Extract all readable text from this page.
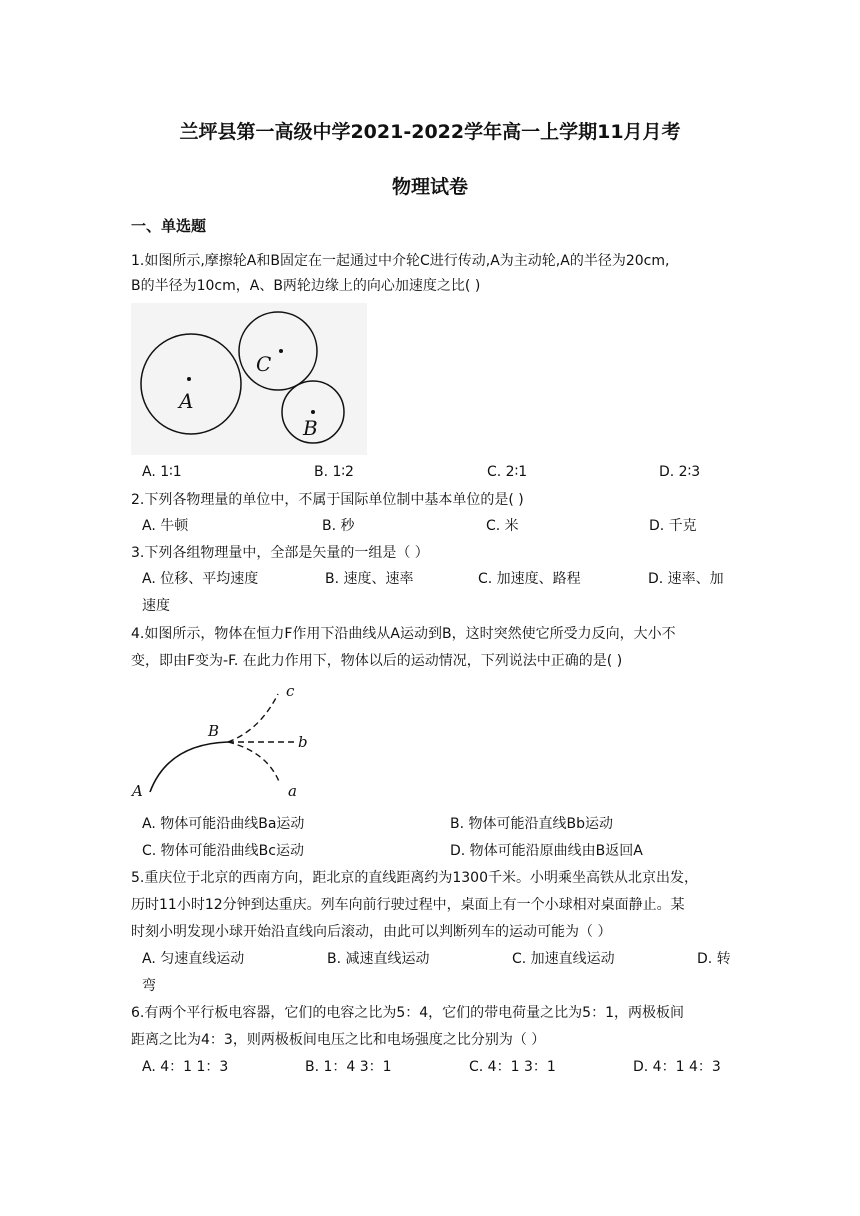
兰坪县第一高级中学2021-2022学年高一上学期11月月考
物理试卷
一、单选题
1.如图所示,摩擦轮A和B固定在一起通过中介轮C进行传动,A为主动轮,A的半径为20cm,
B的半径为10cm，A、B两轮边缘上的向心加速度之比( )
A
C
B
A. 1∶1	B. 1∶2	C. 2∶1	D. 2∶3
2.下列各物理量的单位中，不属于国际单位制中基本单位的是( )
A. 牛顿	B. 秒	C. 米	D. 千克
3.下列各组物理量中，全部是矢量的一组是（ ）
A. 位移、平均速度	B. 速度、速率	C. 加速度、路程	D. 速率、加
速度
4.如图所示，物体在恒力F作用下沿曲线从A运动到B，这时突然使它所受力反向，大小不
变，即由F变为-F. 在此力作用下，物体以后的运动情况，下列说法中正确的是( )
A
B
c
b
a
A. 物体可能沿曲线Ba运动	B. 物体可能沿直线Bb运动
C. 物体可能沿曲线Bc运动	D. 物体可能沿原曲线由B返回A
5.重庆位于北京的西南方向，距北京的直线距离约为1300千米。小明乘坐高铁从北京出发，
历时11小时12分钟到达重庆。列车向前行驶过程中，桌面上有一个小球相对桌面静止。某
时刻小明发现小球开始沿直线向后滚动，由此可以判断列车的运动可能为（ ）
A. 匀速直线运动	B. 减速直线运动	C. 加速直线运动	D. 转
弯
6.有两个平行板电容器，它们的电容之比为5：4，它们的带电荷量之比为5：1，两极板间
距离之比为4：3，则两极板间电压之比和电场强度之比分别为（ ）
A. 4：1 1：3	B. 1：4 3：1	C. 4：1 3：1	D. 4：1 4：3
